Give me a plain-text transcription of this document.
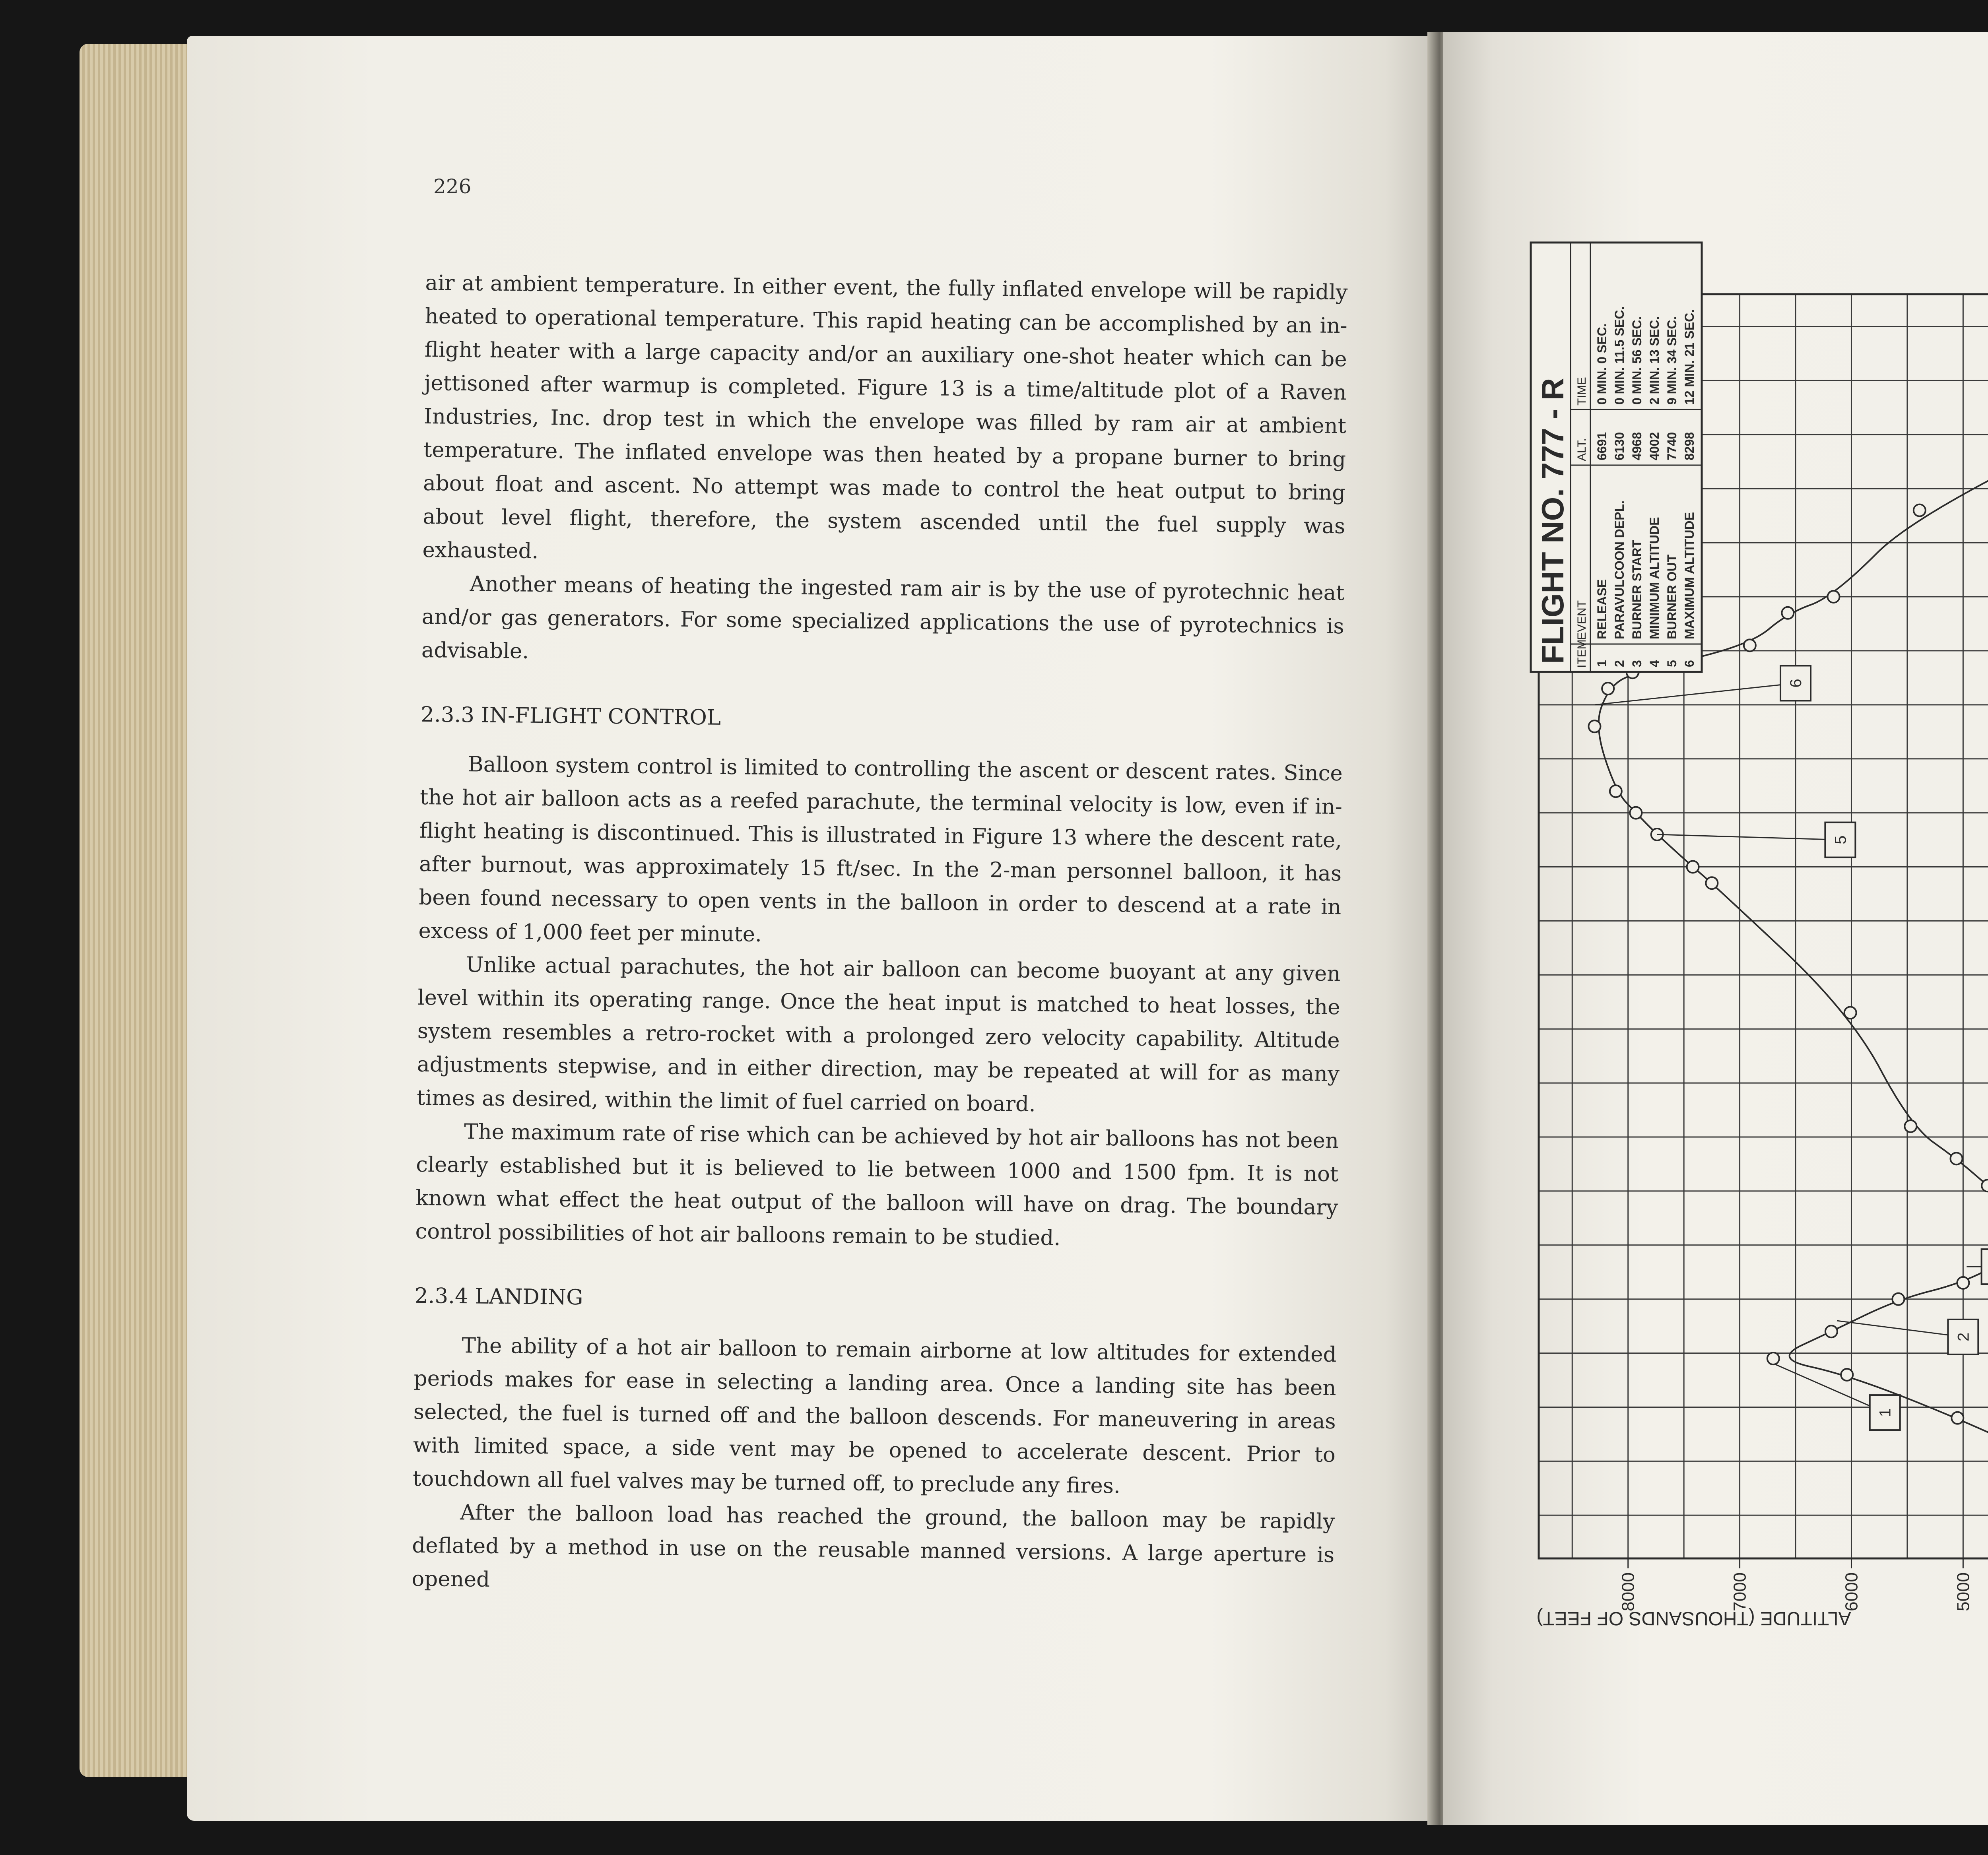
226

air at ambient temperature. In either event, the fully inflated envelope will be rapidly heated to operational temperature. This rapid heating can be accomplished by an in-flight heater with a large capacity and/or an auxiliary one-shot heater which can be jettisoned after warmup is completed. Figure 13 is a time/altitude plot of a Raven Industries, Inc. drop test in which the envelope was filled by ram air at ambient temperature. The inflated envelope was then heated by a propane burner to bring about float and ascent. No attempt was made to control the heat output to bring about level flight, therefore, the system ascended until the fuel supply was exhausted.

Another means of heating the ingested ram air is by the use of pyrotechnic heat and/or gas generators. For some specialized applications the use of pyrotechnics is advisable.

2.3.3 IN-FLIGHT CONTROL

Balloon system control is limited to controlling the ascent or descent rates. Since the hot air balloon acts as a reefed parachute, the terminal velocity is low, even if in-flight heating is discontinued. This is illustrated in Figure 13 where the descent rate, after burnout, was approximately 15 ft/sec. In the 2-man personnel balloon, it has been found necessary to open vents in the balloon in order to descend at a rate in excess of 1,000 feet per minute.

Unlike actual parachutes, the hot air balloon can become buoyant at any given level within its operating range. Once the heat input is matched to heat losses, the system resembles a retro-rocket with a prolonged zero velocity capability. Altitude adjustments stepwise, and in either direction, may be repeated at will for as many times as desired, within the limit of fuel carried on board.

The maximum rate of rise which can be achieved by hot air balloons has not been clearly established but it is believed to lie between 1000 and 1500 fpm. It is not known what effect the heat output of the balloon will have on drag. The boundary control possibilities of hot air balloons remain to be studied.

2.3.4 LANDING

The ability of a hot air balloon to remain airborne at low altitudes for extended periods makes for ease in selecting a landing area. Once a landing site has been selected, the fuel is turned off and the balloon descends. For maneuvering in areas with limited space, a side vent may be opened to accelerate descent. Prior to touchdown all fuel valves may be turned off, to preclude any fires.

After the balloon load has reached the ground, the balloon may be rapidly deflated by a method in use on the reusable manned versions. A large aperture is opened	5000
6000
7000
8000
1
2
5
6
FLIGHT NO. 777 - R ITEM
EVENT
ALT.
TIME
1
RELEASE
6691
0 MIN. 0 SEC.
2
PARAVULCOON DEPL.
6130
0 MIN. 11.5 SEC.
3
BURNER START
4968
0 MIN. 56 SEC.
4
MINIMUM ALTITUDE
4002
2 MIN. 13 SEC.
5
BURNER OUT
7740
9 MIN. 34 SEC.
6
MAXIMUM ALTITUDE
8298
12 MIN. 21 SEC.
ALTITUDE (THOUSANDS OF FEET)
